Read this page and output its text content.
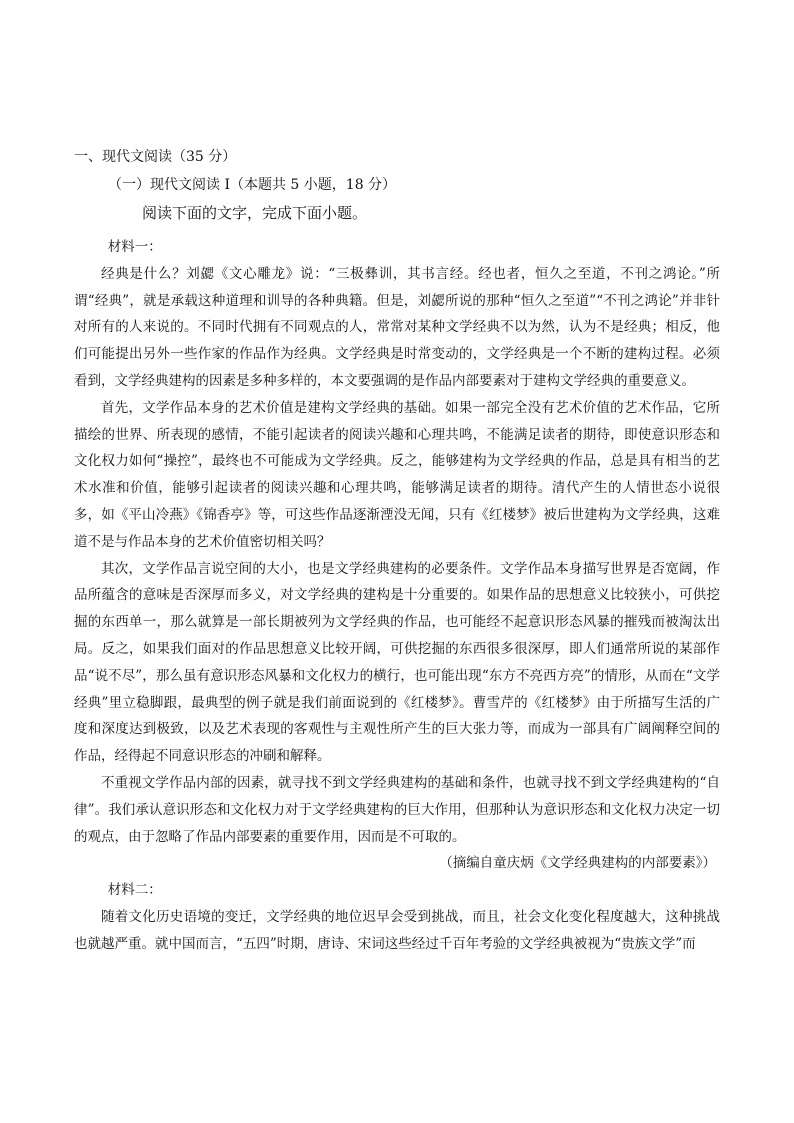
一、现代文阅读（35 分）
（一）现代文阅读 I（本题共 5 小题，18 分）
阅读下面的文字，完成下面小题。

材料一：

经典是什么？刘勰《文心雕龙》说：“三极彝训，其书言经。经也者，恒久之至道，不刊之鸿论。”所谓“经典”，就是承载这种道理和训导的各种典籍。但是，刘勰所说的那种“恒久之至道”“不刊之鸿论”并非针对所有的人来说的。不同时代拥有不同观点的人，常常对某种文学经典不以为然，认为不是经典；相反，他们可能提出另外一些作家的作品作为经典。文学经典是时常变动的，文学经典是一个不断的建构过程。必须看到，文学经典建构的因素是多种多样的，本文要强调的是作品内部要素对于建构文学经典的重要意义。

首先，文学作品本身的艺术价值是建构文学经典的基础。如果一部完全没有艺术价值的艺术作品，它所描绘的世界、所表现的感情，不能引起读者的阅读兴趣和心理共鸣，不能满足读者的期待，即使意识形态和文化权力如何“操控”，最终也不可能成为文学经典。反之，能够建构为文学经典的作品，总是具有相当的艺术水准和价值，能够引起读者的阅读兴趣和心理共鸣，能够满足读者的期待。清代产生的人情世态小说很多，如《平山冷燕》《锦香亭》等，可这些作品逐渐湮没无闻，只有《红楼梦》被后世建构为文学经典，这难道不是与作品本身的艺术价值密切相关吗？

其次，文学作品言说空间的大小，也是文学经典建构的必要条件。文学作品本身描写世界是否宽阔，作品所蕴含的意味是否深厚而多义，对文学经典的建构是十分重要的。如果作品的思想意义比较狭小，可供挖掘的东西单一，那么就算是一部长期被列为文学经典的作品，也可能经不起意识形态风暴的摧残而被淘汰出局。反之，如果我们面对的作品思想意义比较开阔，可供挖掘的东西很多很深厚，即人们通常所说的某部作品“说不尽”，那么虽有意识形态风暴和文化权力的横行，也可能出现“东方不亮西方亮”的情形，从而在“文学经典”里立稳脚跟，最典型的例子就是我们前面说到的《红楼梦》。曹雪芹的《红楼梦》由于所描写生活的广度和深度达到极致，以及艺术表现的客观性与主观性所产生的巨大张力等，而成为一部具有广阔阐释空间的作品，经得起不同意识形态的冲刷和解释。

不重视文学作品内部的因素，就寻找不到文学经典建构的基础和条件，也就寻找不到文学经典建构的“自律”。我们承认意识形态和文化权力对于文学经典建构的巨大作用，但那种认为意识形态和文化权力决定一切的观点，由于忽略了作品内部要素的重要作用，因而是不可取的。

（摘编自童庆炳《文学经典建构的内部要素》）

材料二：

随着文化历史语境的变迁，文学经典的地位迟早会受到挑战，而且，社会文化变化程度越大，这种挑战也就越严重。就中国而言，“五四”时期，唐诗、宋词这些经过千百年考验的文学经典被视为“贵族文学”而
